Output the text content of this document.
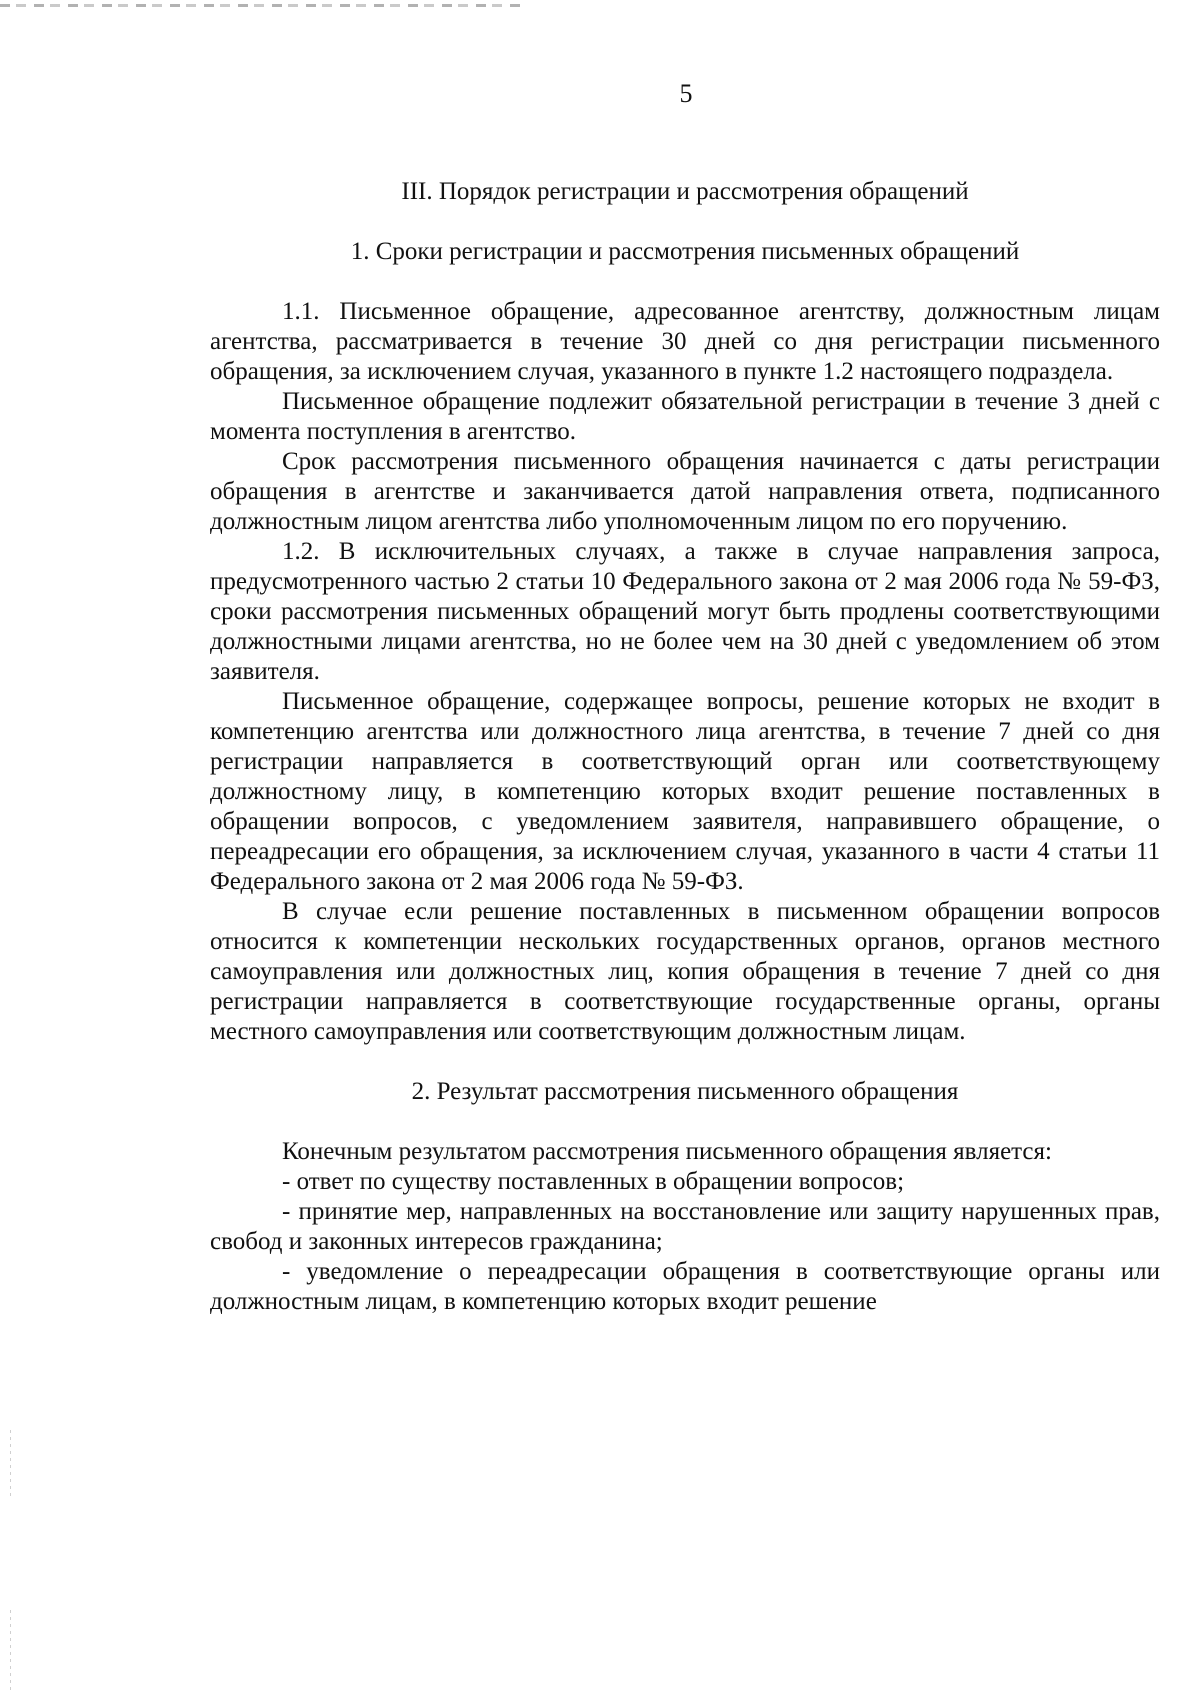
5
III. Порядок регистрации и рассмотрения обращений
1. Сроки регистрации и рассмотрения письменных обращений

1.1. Письменное обращение, адресованное агентству, должностным лицам агентства, рассматривается в течение 30 дней со дня регистрации письменного обращения, за исключением случая, указанного в пункте 1.2 настоящего подраздела.

Письменное обращение подлежит обязательной регистрации в течение 3 дней с момента поступления в агентство.

Срок рассмотрения письменного обращения начинается с даты регистрации обращения в агентстве и заканчивается датой направления ответа, подписанного должностным лицом агентства либо уполномоченным лицом по его поручению.

1.2. В исключительных случаях, а также в случае направления запроса, предусмотренного частью 2 статьи 10 Федерального закона от 2 мая 2006 года № 59-ФЗ, сроки рассмотрения письменных обращений могут быть продлены соответствующими должностными лицами агентства, но не более чем на 30 дней с уведомлением об этом заявителя.

Письменное обращение, содержащее вопросы, решение которых не входит в компетенцию агентства или должностного лица агентства, в течение 7 дней со дня регистрации направляется в соответствующий орган или соответствующему должностному лицу, в компетенцию которых входит решение поставленных в обращении вопросов, с уведомлением заявителя, направившего обращение, о переадресации его обращения, за исключением случая, указанного в части 4 статьи 11 Федерального закона от 2 мая 2006 года № 59-ФЗ.

В случае если решение поставленных в письменном обращении вопросов относится к компетенции нескольких государственных органов, органов местного самоуправления или должностных лиц, копия обращения в течение 7 дней со дня регистрации направляется в соответствующие государственные органы, органы местного самоуправления или соответствующим должностным лицам.

2. Результат рассмотрения письменного обращения

Конечным результатом рассмотрения письменного обращения является:

- ответ по существу поставленных в обращении вопросов;

- принятие мер, направленных на восстановление или защиту нарушенных прав, свобод и законных интересов гражданина;

- уведомление о переадресации обращения в соответствующие органы или должностным лицам, в компетенцию которых входит решение
